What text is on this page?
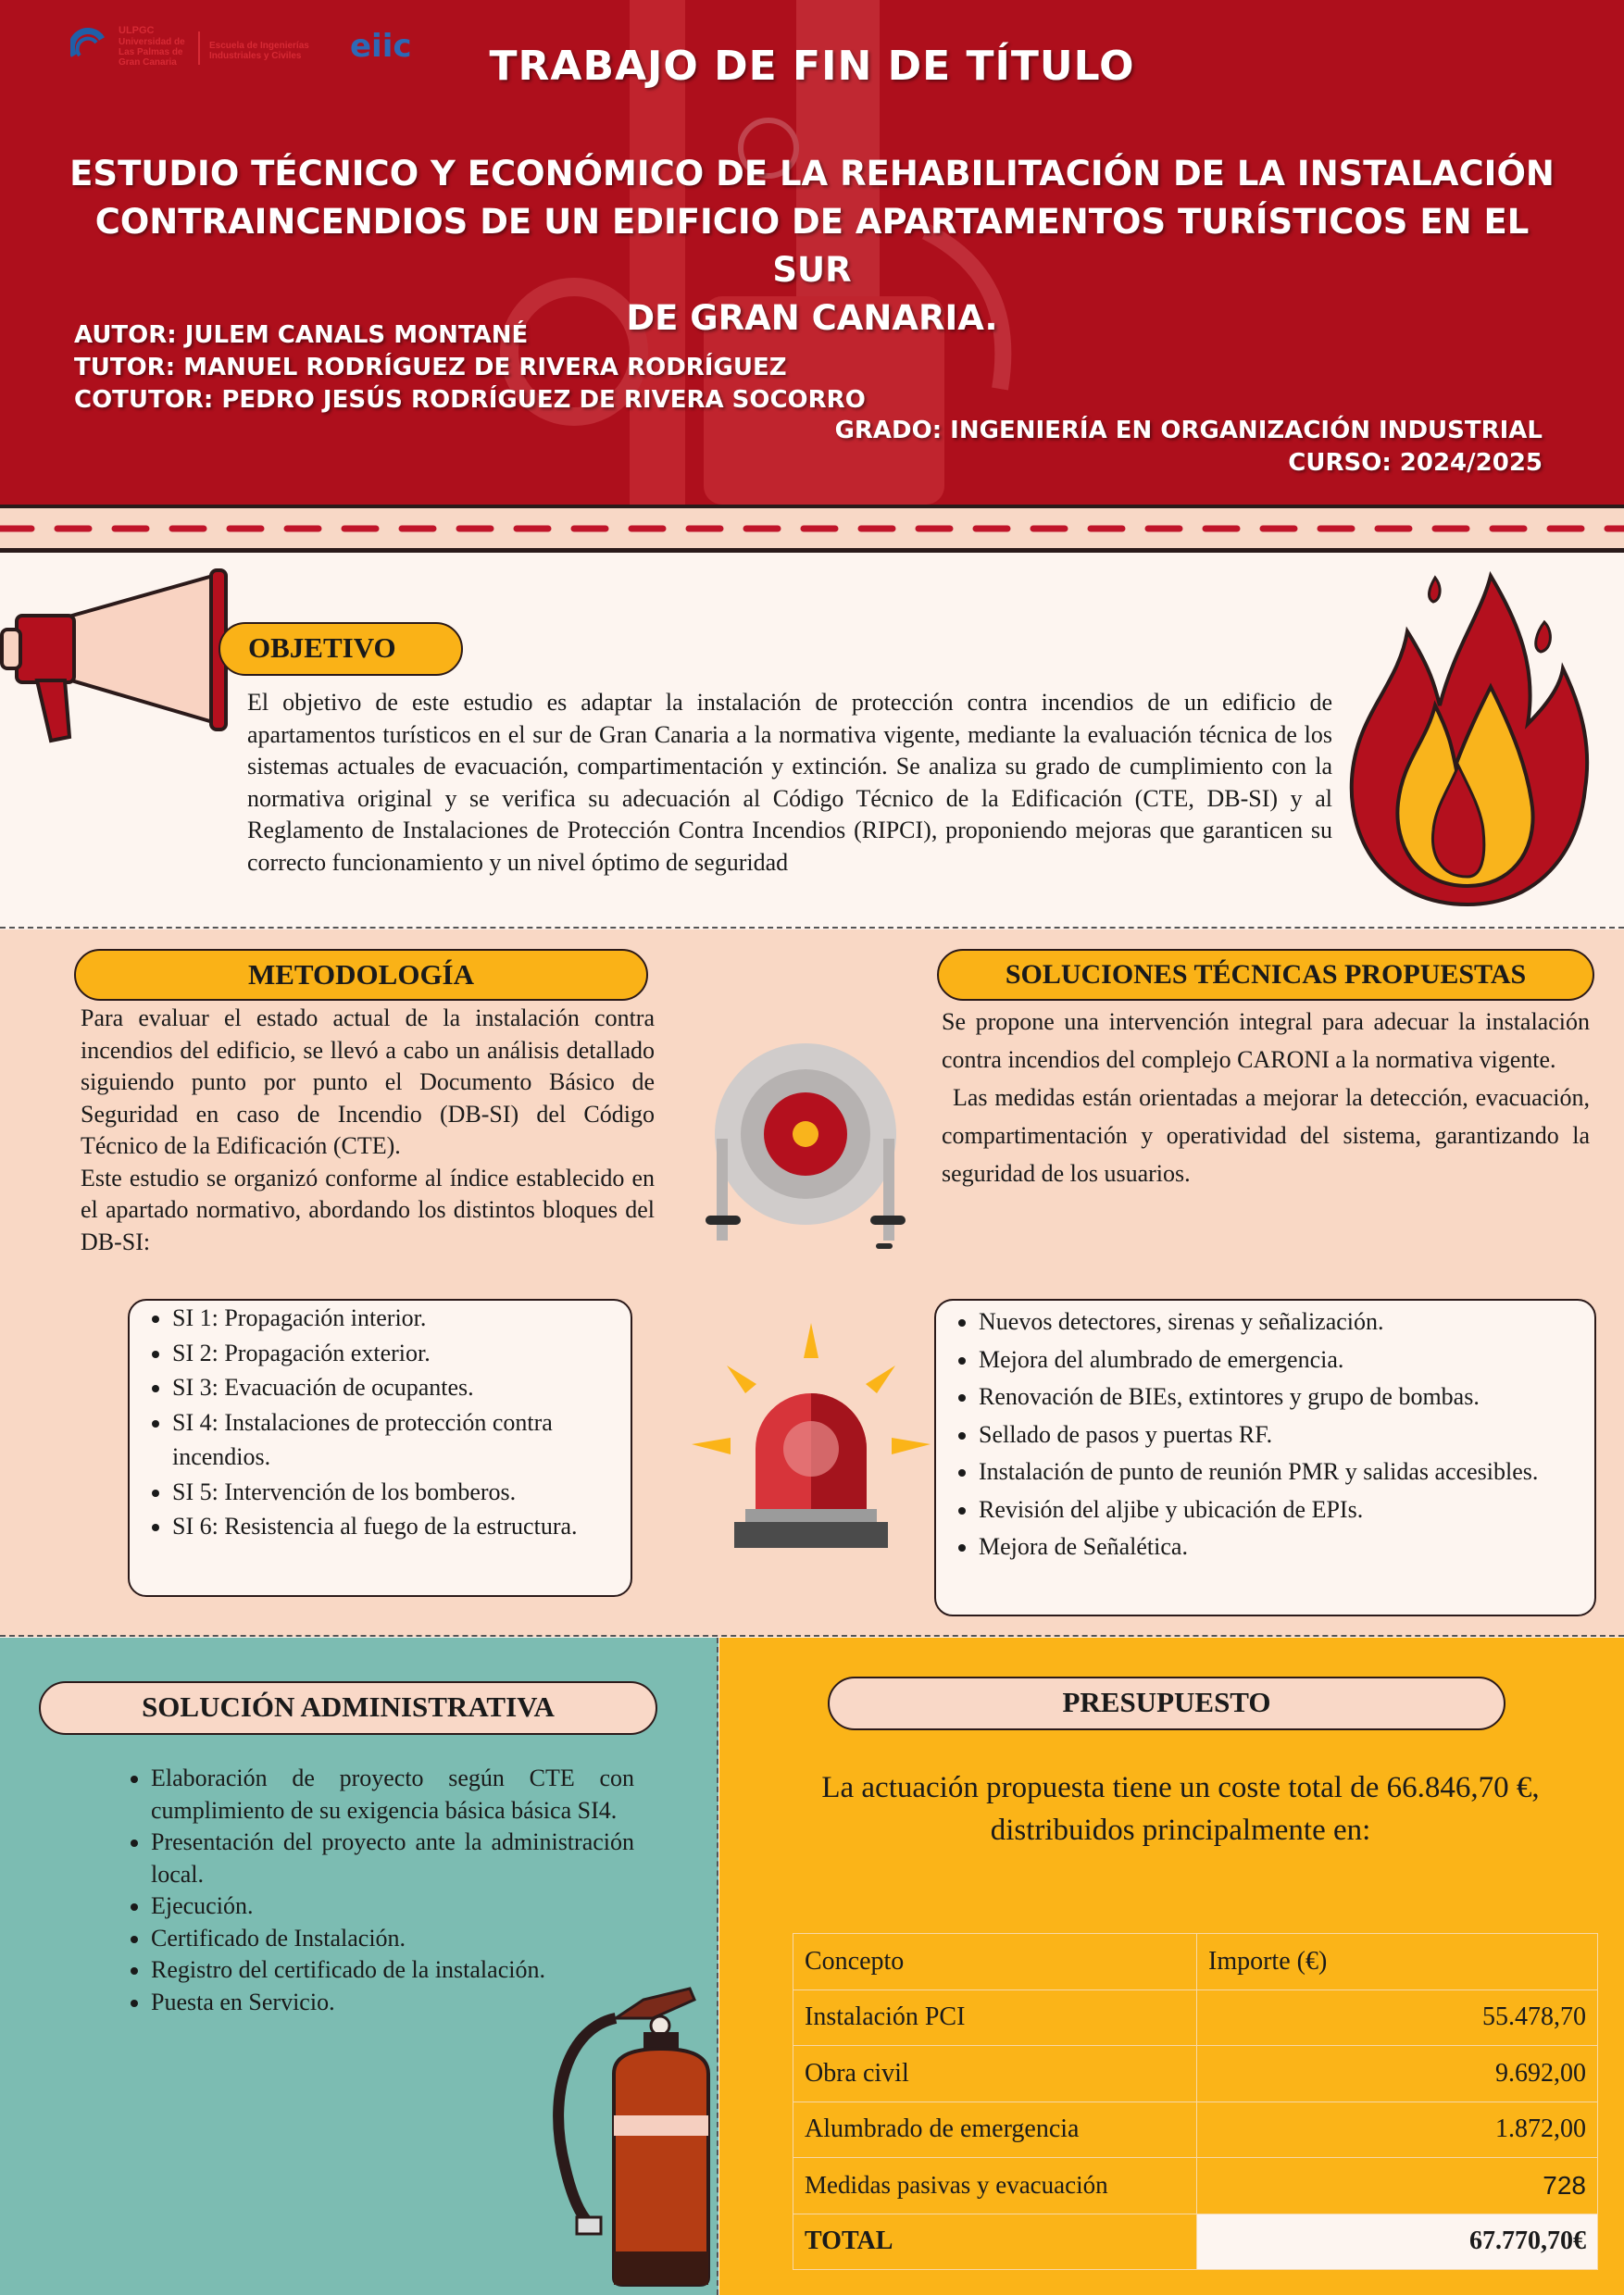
ULPGC
Universidad de
Las Palmas de
Gran Canaria
Escuela de Ingenierías
Industriales y Civiles eiic	TRABAJO DE FIN DE TÍTULO
ESTUDIO TÉCNICO Y ECONÓMICO DE LA REHABILITACIÓN DE LA INSTALACIÓN
CONTRAINCENDIOS DE UN EDIFICIO DE APARTAMENTOS TURÍSTICOS EN EL SUR
DE GRAN CANARIA.
AUTOR: JULEM CANALS MONTANÉ
TUTOR: MANUEL RODRÍGUEZ DE RIVERA RODRÍGUEZ
COTUTOR: PEDRO JESÚS RODRÍGUEZ DE RIVERA SOCORRO
GRADO: INGENIERÍA EN ORGANIZACIÓN INDUSTRIAL
CURSO: 2024/2025
OBJETIVO
El objetivo de este estudio es adaptar la instalación de protección contra incendios de un edificio de apartamentos turísticos en el sur de Gran Canaria a la normativa vigente, mediante la evaluación técnica de los sistemas actuales de evacuación, compartimentación y extinción. Se analiza su grado de cumplimiento con la normativa original y se verifica su adecuación al Código Técnico de la Edificación (CTE, DB-SI) y al Reglamento de Instalaciones de Protección Contra Incendios (RIPCI), proponiendo mejoras que garanticen su correcto funcionamiento y un nivel óptimo de seguridad
METODOLOGÍA
Para evaluar el estado actual de la instalación contra incendios del edificio, se llevó a cabo un análisis detallado siguiendo punto por punto el Documento Básico de Seguridad en caso de Incendio (DB-SI) del Código Técnico de la Edificación (CTE).
Este estudio se organizó conforme al índice establecido en el apartado normativo, abordando los distintos bloques del DB-SI:
• SI 1: Propagación interior.
• SI 2: Propagación exterior.
• SI 3: Evacuación de ocupantes.
• SI 4: Instalaciones de protección contra incendios.
• SI 5: Intervención de los bomberos.
• SI 6: Resistencia al fuego de la estructura.
SOLUCIONES TÉCNICAS PROPUESTAS
Se propone una intervención integral para adecuar la instalación contra incendios del complejo CARONI a la normativa vigente.
Las medidas están orientadas a mejorar la detección, evacuación, compartimentación y operatividad del sistema, garantizando la seguridad de los usuarios.
• Nuevos detectores, sirenas y señalización.
• Mejora del alumbrado de emergencia.
• Renovación de BIEs, extintores y grupo de bombas.
• Sellado de pasos y puertas RF.
• Instalación de punto de reunión PMR y salidas accesibles.
• Revisión del aljibe y ubicación de EPIs.
• Mejora de Señalética.
SOLUCIÓN ADMINISTRATIVA
• Elaboración de proyecto según CTE con cumplimiento de su exigencia básica básica SI4.
• Presentación del proyecto ante la administración local.
• Ejecución.
• Certificado de Instalación.
• Registro del certificado de la instalación.
• Puesta en Servicio.
PRESUPUESTO
La actuación propuesta tiene un coste total de 66.846,70 €,
distribuidos principalmente en:
Concepto	Importe (€)
Instalación PCI	55.478,70
Obra civil	9.692,00
Alumbrado de emergencia	1.872,00
Medidas pasivas y evacuación	728
TOTAL	67.770,70€
